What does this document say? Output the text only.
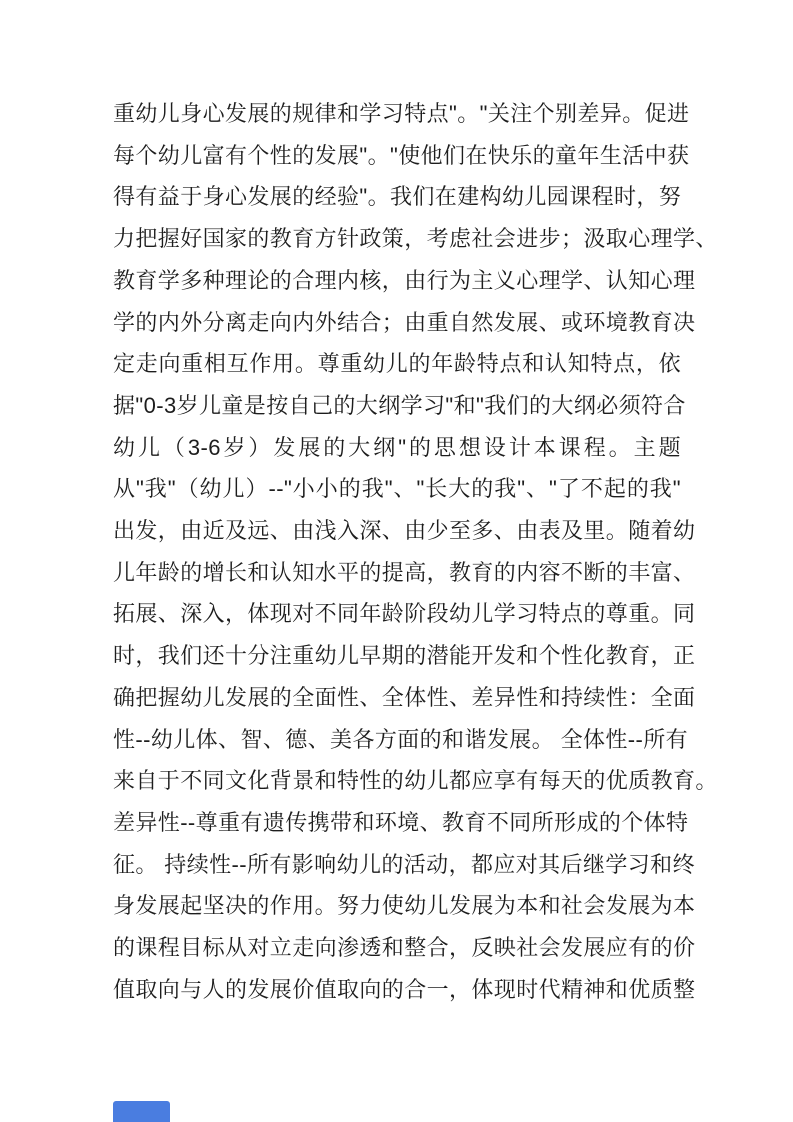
重幼儿身心发展的规律和学习特点"。"关注个别差异。促进
每个幼儿富有个性的发展"。"使他们在快乐的童年生活中获
得有益于身心发展的经验"。我们在建构幼儿园课程时，努
力把握好国家的教育方针政策，考虑社会进步；汲取心理学、
教育学多种理论的合理内核，由行为主义心理学、认知心理
学的内外分离走向内外结合；由重自然发展、或环境教育决
定走向重相互作用。尊重幼儿的年龄特点和认知特点，依
据"0-3岁儿童是按自己的大纲学习"和"我们的大纲必须符合
幼儿（3-6岁）发展的大纲"的思想设计本课程。主题
从"我"（幼儿）--"小小的我"、"长大的我"、"了不起的我"
出发，由近及远、由浅入深、由少至多、由表及里。随着幼
儿年龄的增长和认知水平的提高，教育的内容不断的丰富、
拓展、深入，体现对不同年龄阶段幼儿学习特点的尊重。同
时，我们还十分注重幼儿早期的潜能开发和个性化教育，正
确把握幼儿发展的全面性、全体性、差异性和持续性：全面
性--幼儿体、智、德、美各方面的和谐发展。 全体性--所有
来自于不同文化背景和特性的幼儿都应享有每天的优质教育。
差异性--尊重有遗传携带和环境、教育不同所形成的个体特
征。 持续性--所有影响幼儿的活动，都应对其后继学习和终
身发展起坚决的作用。努力使幼儿发展为本和社会发展为本
的课程目标从对立走向渗透和整合，反映社会发展应有的价
值取向与人的发展价值取向的合一，体现时代精神和优质整
